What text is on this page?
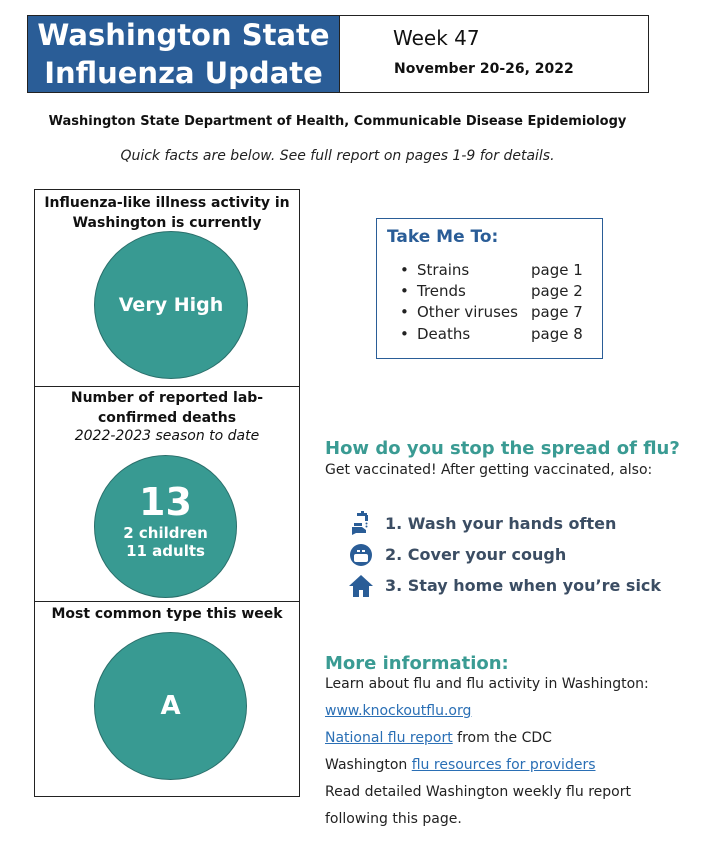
Washington State
Influenza Update
Week 47
November 20-26, 2022
Washington State Department of Health, Communicable Disease Epidemiology
Quick facts are below. See full report on pages 1-9 for details.
Influenza-like illness activity in
Washington is currently
Very High
Number of reported lab-
confirmed deaths
2022-2023 season to date
13
2 children
11 adults
Most common type this week
A
Take Me To:
• Strains	page 1
• Trends	page 2
• Other viruses page 7
• Deaths	page 8
How do you stop the spread of flu?
Get vaccinated! After getting vaccinated, also:
1. Wash your hands often
2. Cover your cough
3. Stay home when you’re sick
More information:
Learn about flu and flu activity in Washington:
www.knockoutflu.org
National flu report from the CDC
Washington flu resources for providers
Read detailed Washington weekly flu report
following this page.
